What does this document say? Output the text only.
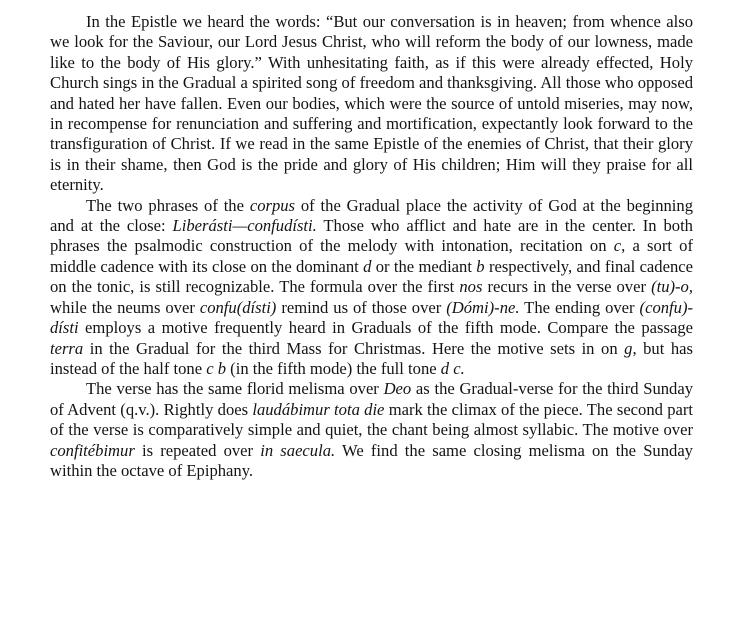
In the Epistle we heard the words: “But our conversation is in heaven; from whence also we look for the Saviour, our Lord Jesus Christ, who will reform the body of our lowness, made like to the body of His glory.” With unhesitating faith, as if this were already effected, Holy Church sings in the Gradual a spirited song of freedom and thanksgiving. All those who opposed and hated her have fallen. Even our bodies, which were the source of untold miseries, may now, in recompense for renunciation and suffering and mortification, expectantly look forward to the transfiguration of Christ. If we read in the same Epistle of the enemies of Christ, that their glory is in their shame, then God is the pride and glory of His children; Him will they praise for all eternity.

The two phrases of the corpus of the Gradual place the activity of God at the beginning and at the close: Liberásti—confudísti. Those who afflict and hate are in the center. In both phrases the psalmodic construction of the melody with intonation, recitation on c, a sort of middle cadence with its close on the dominant d or the mediant b respectively, and final cadence on the tonic, is still recognizable. The formula over the first nos recurs in the verse over (tu)-o, while the neums over confu(dísti) remind us of those over (Dómi)-ne. The ending over (confu)-dísti employs a motive frequently heard in Graduals of the fifth mode. Compare the passage terra in the Gradual for the third Mass for Christmas. Here the motive sets in on g, but has instead of the half tone c b (in the fifth mode) the full tone d c.

The verse has the same florid melisma over Deo as the Gradual-verse for the third Sunday of Advent (q.v.). Rightly does laudábimur tota die mark the climax of the piece. The second part of the verse is comparatively simple and quiet, the chant being almost syllabic. The motive over confitébimur is repeated over in saecula. We find the same closing melisma on the Sunday within the octave of Epiphany.
